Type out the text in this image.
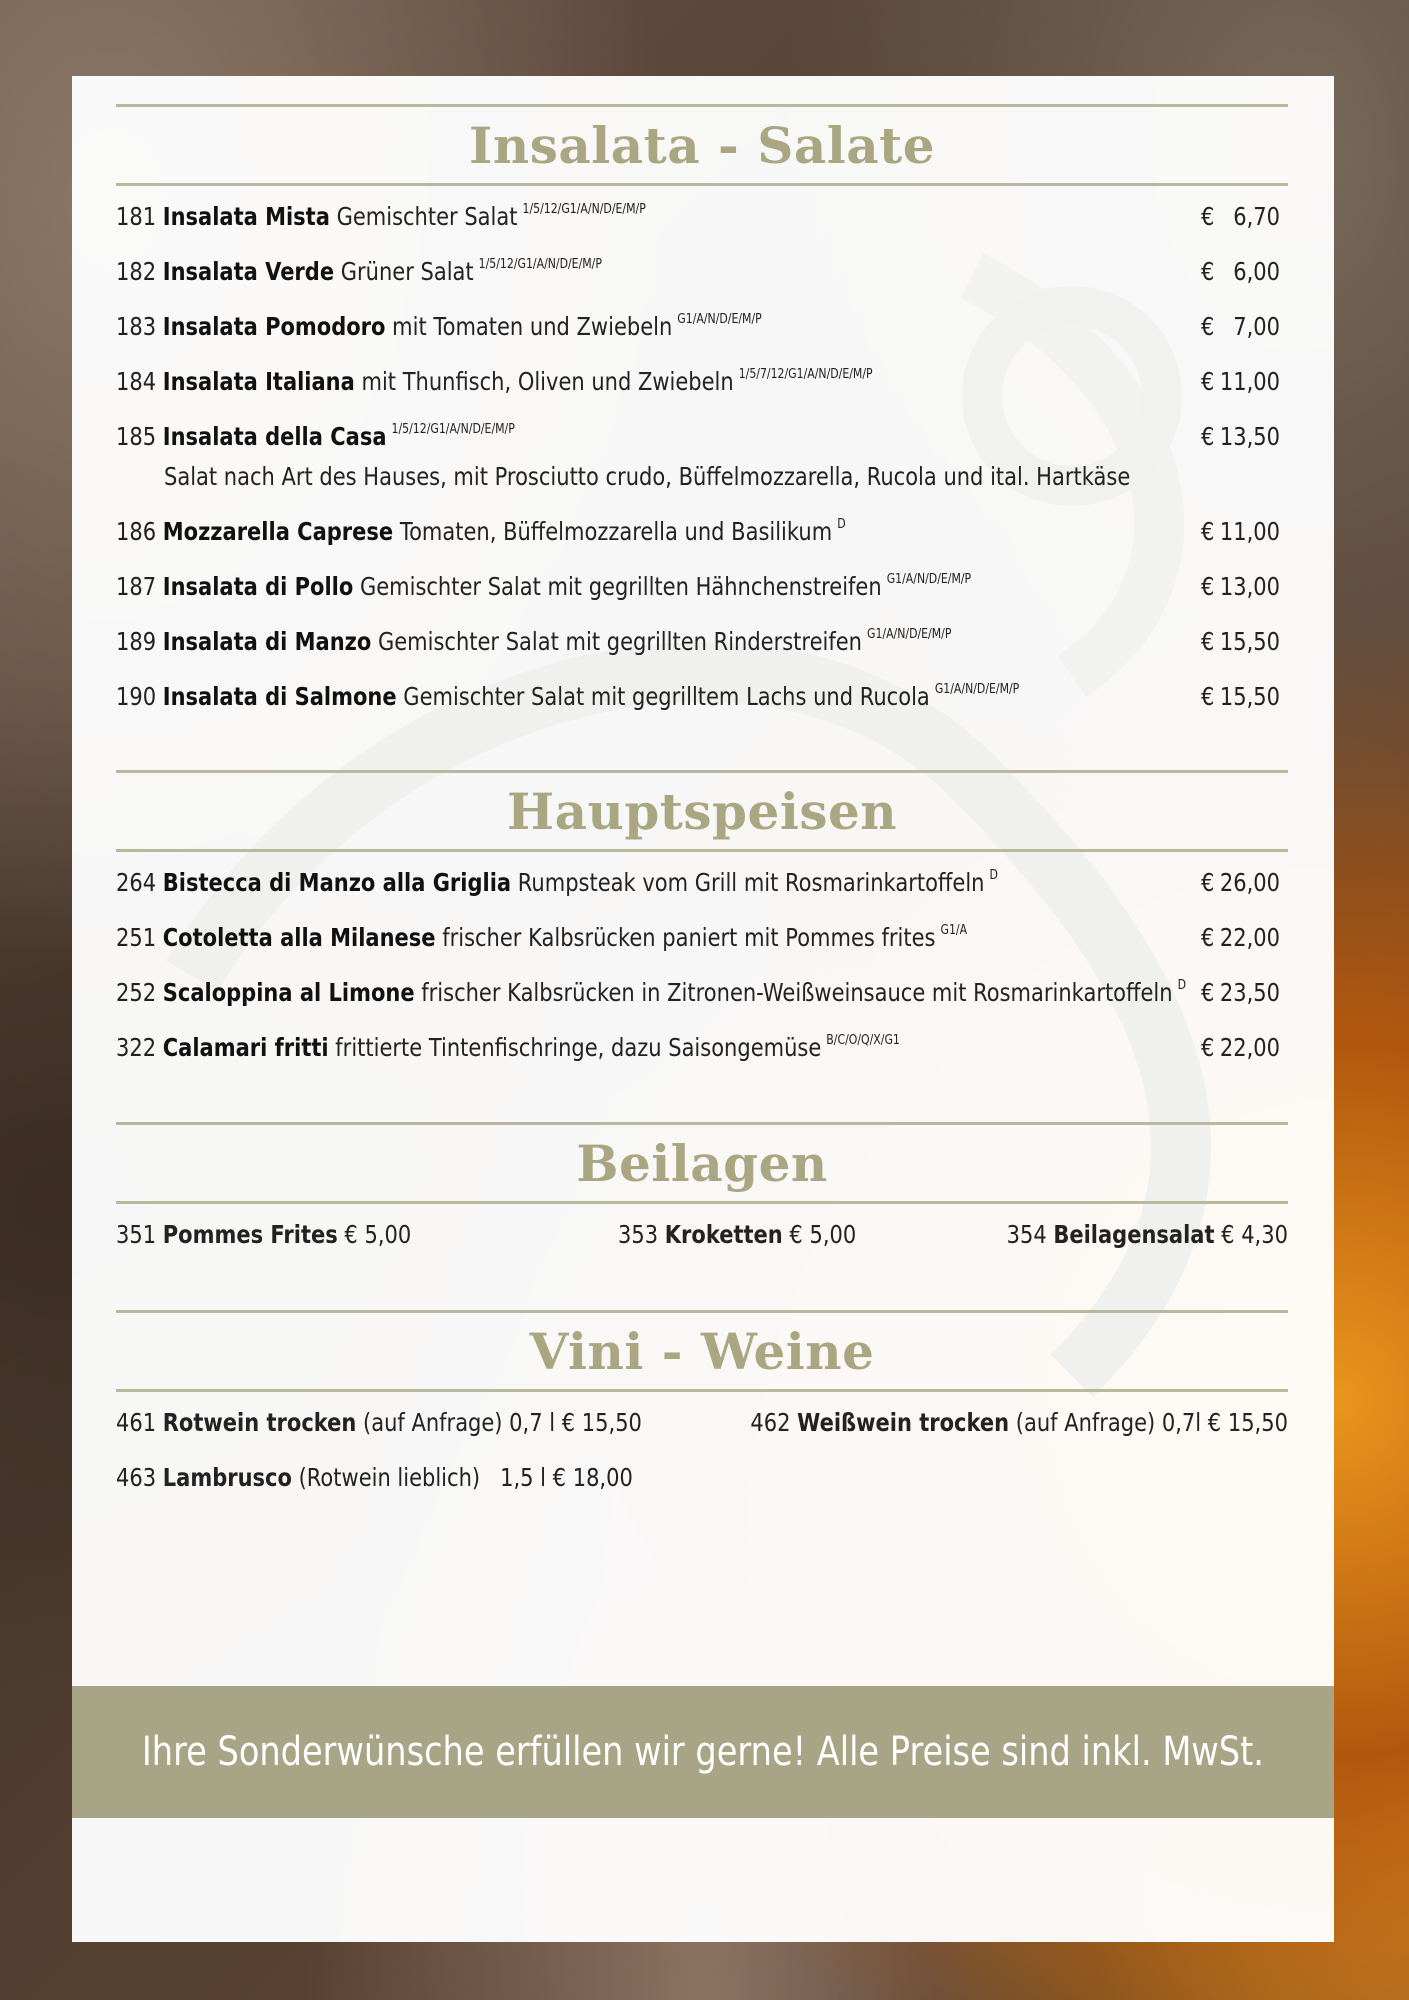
Insalata - Salate
181 Insalata Mista Gemischter Salat $^{1/5/12/G1/A/N/D/E/M/P}$	€ 6,70
182 Insalata Verde Grüner Salat $^{1/5/12/G1/A/N/D/E/M/P}$	€ 6,00
183 Insalata Pomodoro mit Tomaten und Zwiebeln $^{G1/A/N/D/E/M/P}$	€ 7,00
184 Insalata Italiana mit Thunfisch, Oliven und Zwiebeln $^{1/5/7/12/G1/A/N/D/E/M/P}$	€ 11,00
185 Insalata della Casa $^{1/5/12/G1/A/N/D/E/M/P}$	€ 13,50
Salat nach Art des Hauses, mit Prosciutto crudo, Büffelmozzarella, Rucola und ital. Hartkäse
186 Mozzarella Caprese Tomaten, Büffelmozzarella und Basilikum $^D$	€ 11,00
187 Insalata di Pollo Gemischter Salat mit gegrillten Hähnchenstreifen $^{G1/A/N/D/E/M/P}$	€ 13,00
189 Insalata di Manzo Gemischter Salat mit gegrillten Rinderstreifen $^{G1/A/N/D/E/M/P}$	€ 15,50
190 Insalata di Salmone Gemischter Salat mit gegrilltem Lachs und Rucola $^{G1/A/N/D/E/M/P}$	€ 15,50
Hauptspeisen
264 Bistecca di Manzo alla Griglia Rumpsteak vom Grill mit Rosmarinkartoffeln $^D$	€ 26,00
251 Cotoletta alla Milanese frischer Kalbsrücken paniert mit Pommes frites $^{G1/A}$	€ 22,00
252 Scaloppina al Limone frischer Kalbsrücken in Zitronen-Weißweinsauce mit Rosmarinkartoffeln $^D$ € 23,50
322 Calamari fritti frittierte Tintenfischringe, dazu Saisongemüse $^{B/C/O/Q/X/G1}$	€ 22,00
Beilagen
351 Pommes Frites € 5,00	353 Kroketten € 5,00	354 Beilagensalat € 4,30
Vini - Weine
461 Rotwein trocken (auf Anfrage) 0,7 l € 15,50	462 Weißwein trocken (auf Anfrage) 0,7l € 15,50
463 Lambrusco (Rotwein lieblich)   1,5 l € 18,00
Ihre Sonderwünsche erfüllen wir gerne! Alle Preise sind inkl. MwSt.
